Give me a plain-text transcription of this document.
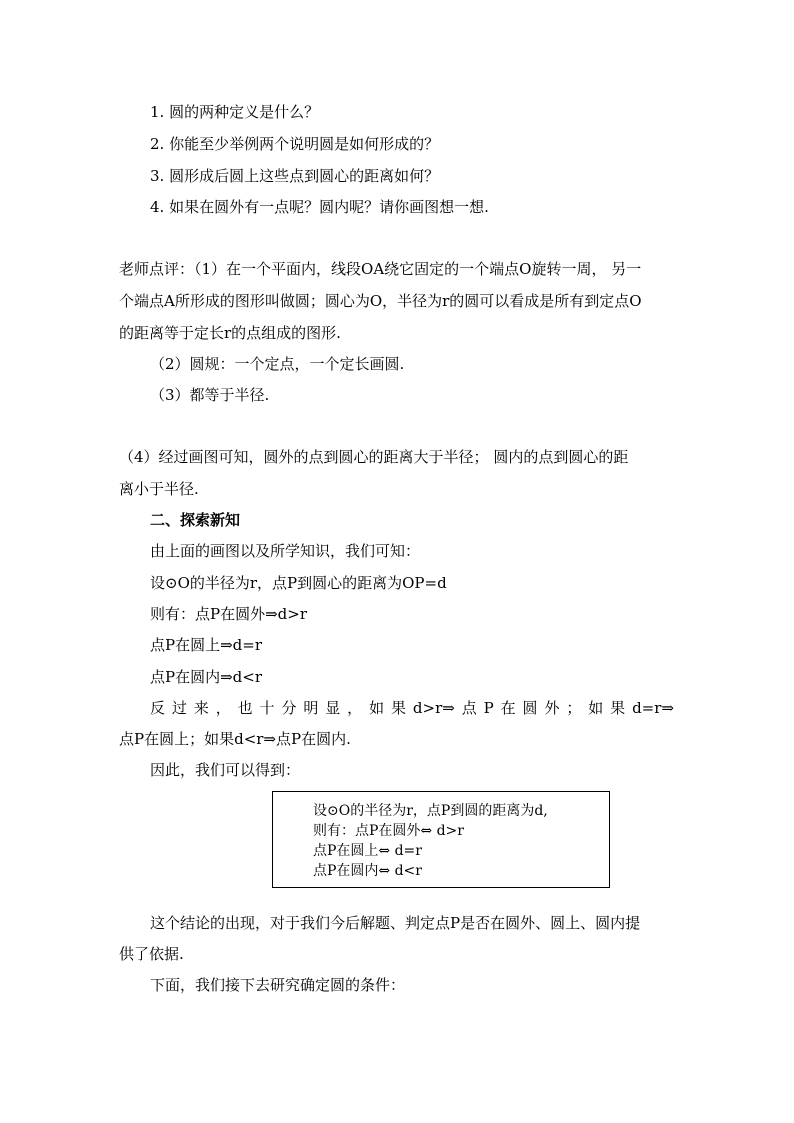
1. 圆的两种定义是什么？
2. 你能至少举例两个说明圆是如何形成的？
3. 圆形成后圆上这些点到圆心的距离如何？
4. 如果在圆外有一点呢？圆内呢？请你画图想一想.
老师点评：（1）在一个平面内，线段OA绕它固定的一个端点O旋转一周， 另一
个端点A所形成的图形叫做圆；圆心为O，半径为r的圆可以看成是所有到定点O
的距离等于定长r的点组成的图形.
（2）圆规：一个定点，一个定长画圆.
（3）都等于半径.
（4）经过画图可知，圆外的点到圆心的距离大于半径； 圆内的点到圆心的距
离小于半径.
二、探索新知
由上面的画图以及所学知识，我们可知：
设⊙O的半径为r，点P到圆心的距离为OP=d
则有：点P在圆外⇒d>r
点P在圆上⇒d=r
点P在圆内⇒d<r
反过来，也十分明显，如果d>r⇒点P在圆外；如果d=r⇒
点P在圆上；如果d<r⇒点P在圆内.
因此，我们可以得到：
设⊙O的半径为r，点P到圆的距离为d,
则有：点P在圆外⇔ d>r
点P在圆上⇔ d=r
点P在圆内⇔ d<r
这个结论的出现，对于我们今后解题、判定点P是否在圆外、圆上、圆内提
供了依据.
下面，我们接下去研究确定圆的条件：
